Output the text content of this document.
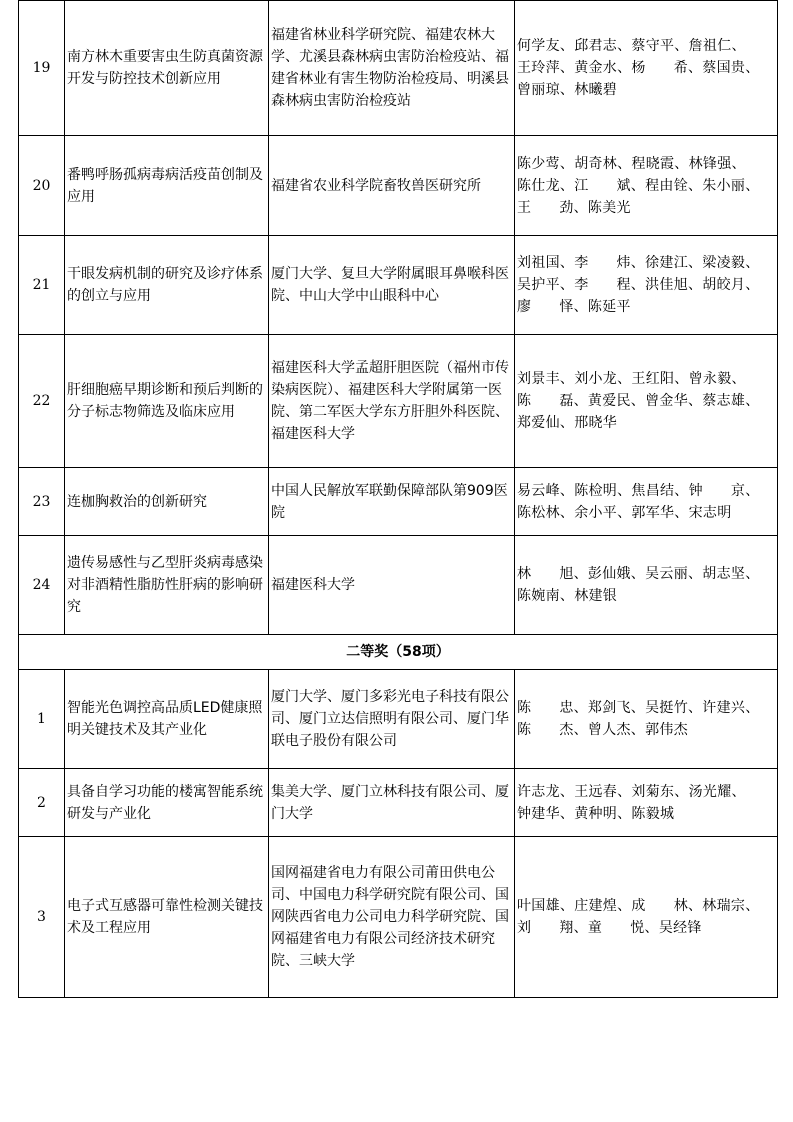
19	南方林木重要害虫生防真菌资源开发与防控技术创新应用	福建省林业科学研究院、福建农林大学、尤溪县森林病虫害防治检疫站、福建省林业有害生物防治检疫局、明溪县森林病虫害防治检疫站	何学友、邱君志、蔡守平、詹祖仁、
王玲萍、黄金水、杨 希、蔡国贵、
曾丽琼、林曦碧
20	番鸭呼肠孤病毒病活疫苗创制及应用	福建省农业科学院畜牧兽医研究所	陈少莺、胡奇林、程晓霞、林锋强、
陈仕龙、江 斌、程由铨、朱小丽、
王 劲、陈美光
21	干眼发病机制的研究及诊疗体系的创立与应用	厦门大学、复旦大学附属眼耳鼻喉科医院、中山大学中山眼科中心	刘祖国、李 炜、徐建江、梁凌毅、
吴护平、李 程、洪佳旭、胡皎月、
廖 怿、陈延平
22	肝细胞癌早期诊断和预后判断的分子标志物筛选及临床应用	福建医科大学孟超肝胆医院（福州市传染病医院）、福建医科大学附属第一医院、第二军医大学东方肝胆外科医院、福建医科大学	刘景丰、刘小龙、王红阳、曾永毅、
陈 磊、黄爱民、曾金华、蔡志雄、
郑爱仙、邢晓华
23	连枷胸救治的创新研究	中国人民解放军联勤保障部队第909医院	易云峰、陈检明、焦昌结、钟 京、
陈松林、余小平、郭军华、宋志明
24	遗传易感性与乙型肝炎病毒感染对非酒精性脂肪性肝病的影响研究	福建医科大学	林 旭、彭仙娥、吴云丽、胡志坚、
陈婉南、林建银
二等奖（58项）			
1	智能光色调控高品质LED健康照明关键技术及其产业化	厦门大学、厦门多彩光电子科技有限公司、厦门立达信照明有限公司、厦门华联电子股份有限公司	陈 忠、郑剑飞、吴挺竹、许建兴、
陈 杰、曾人杰、郭伟杰
2	具备自学习功能的楼寓智能系统研发与产业化	集美大学、厦门立林科技有限公司、厦门大学	许志龙、王远春、刘菊东、汤光耀、
钟建华、黄种明、陈毅城
3	电子式互感器可靠性检测关键技术及工程应用	国网福建省电力有限公司莆田供电公司、中国电力科学研究院有限公司、国网陕西省电力公司电力科学研究院、国网福建省电力有限公司经济技术研究院、三峡大学	叶国雄、庄建煌、成 林、林瑞宗、
刘 翔、童 悦、吴经锋
